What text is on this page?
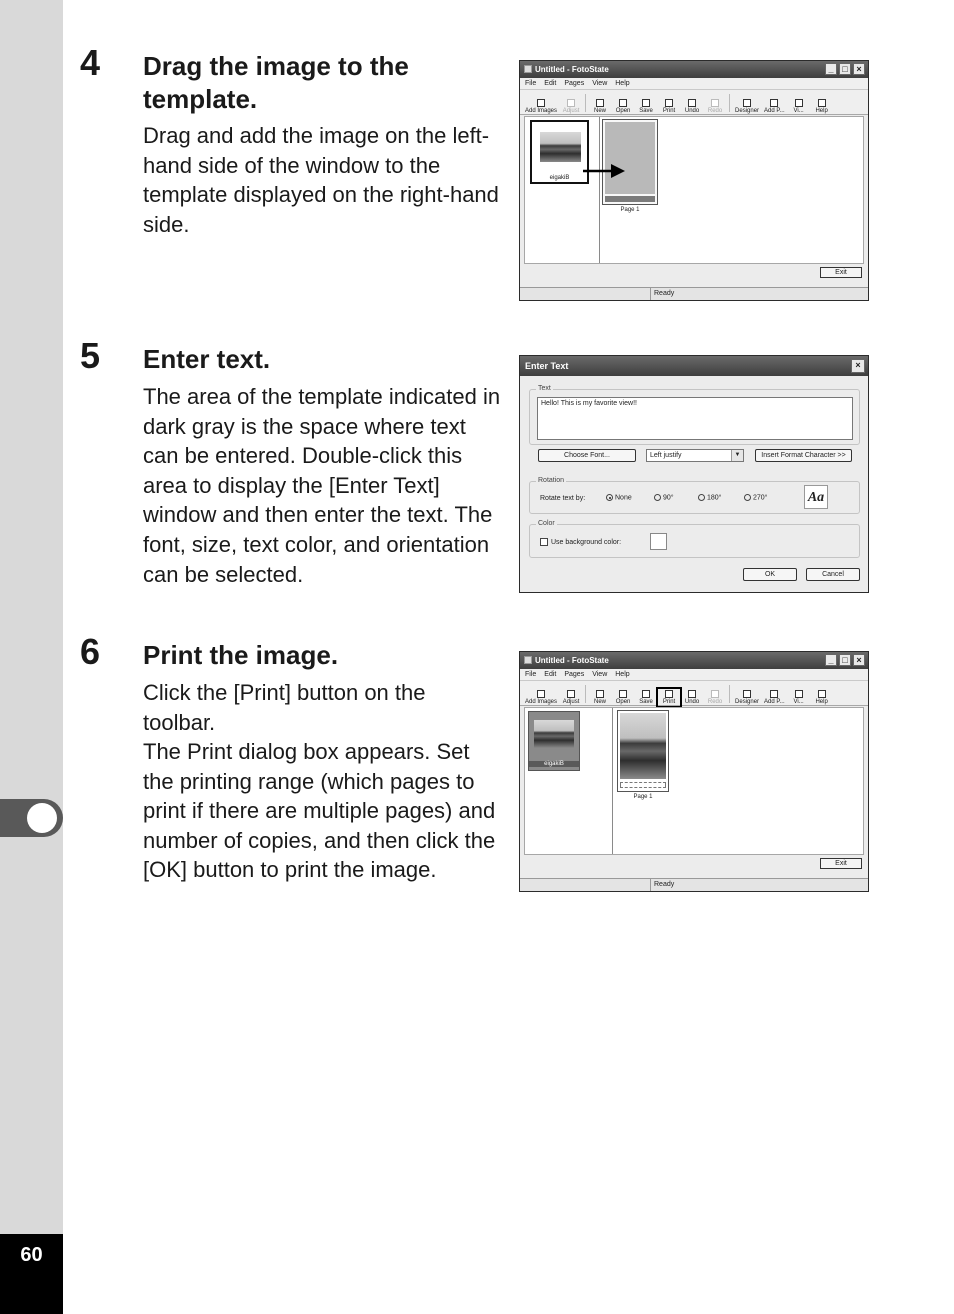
60
4 Drag the image to the template.
Drag and add the image on the left-hand side of the window to the template displayed on the right-hand side.
Untitled - FotoState	_ □ ×
File Edit Pages View Help
Add Images Adjust New Open Save Print Undo Redo Designer Add P... Vi... Help
eigakiB
Page 1
Exit
Ready
5 Enter text.
The area of the template indicated in dark gray is the space where text can be entered. Double-click this area to display the [Enter Text] window and then enter the text. The font, size, text color, and orientation can be selected.
Enter Text	×
Text
Hello! This is my favorite view!!
Choose Font...	Left justify	▼	Insert Format Character >>
Rotation
Rotate text by:	None	90°	180°	270°	Aa
Color
Use background color:
OK	Cancel
6 Print the image.
Click the [Print] button on the toolbar.
The Print dialog box appears. Set the printing range (which pages to print if there are multiple pages) and number of copies, and then click the [OK] button to print the image.
Untitled - FotoState	_ □ ×
File Edit Pages View Help
Add Images Adjust New Open Save Print Undo Redo Designer Add P... Vi... Help
eigakiB
Page 1
Exit
Ready
